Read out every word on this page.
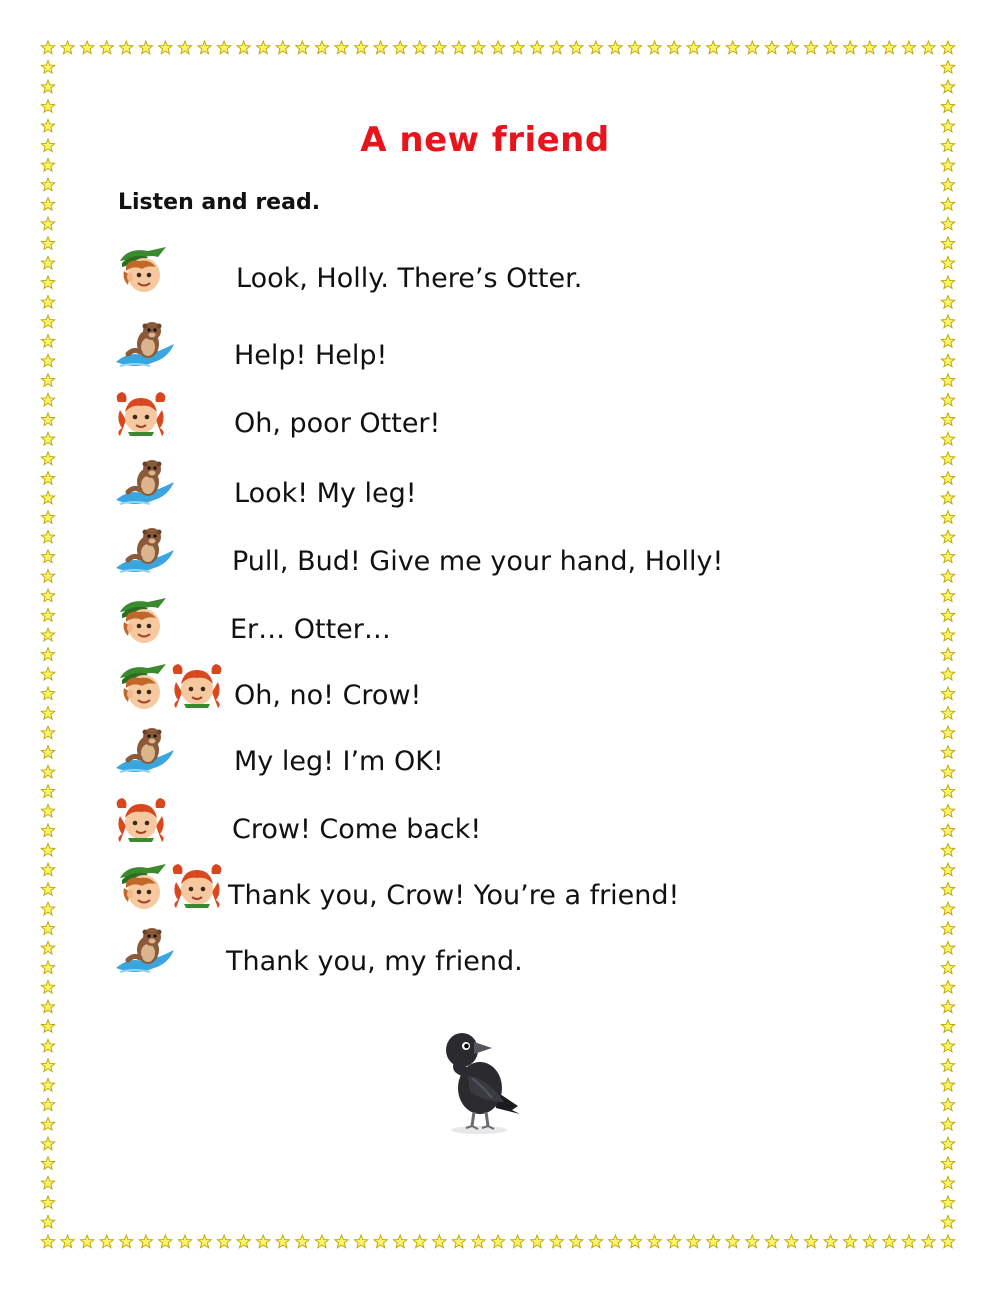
A new friend
Listen and read.
Look, Holly. There’s Otter.
Help! Help!
Oh, poor Otter!
Look! My leg!
Pull, Bud! Give me your hand, Holly!
Er… Otter…
Oh, no! Crow!
My leg! I’m OK!
Crow! Come back!
Thank you, Crow! You’re a friend!
Thank you, my friend.
